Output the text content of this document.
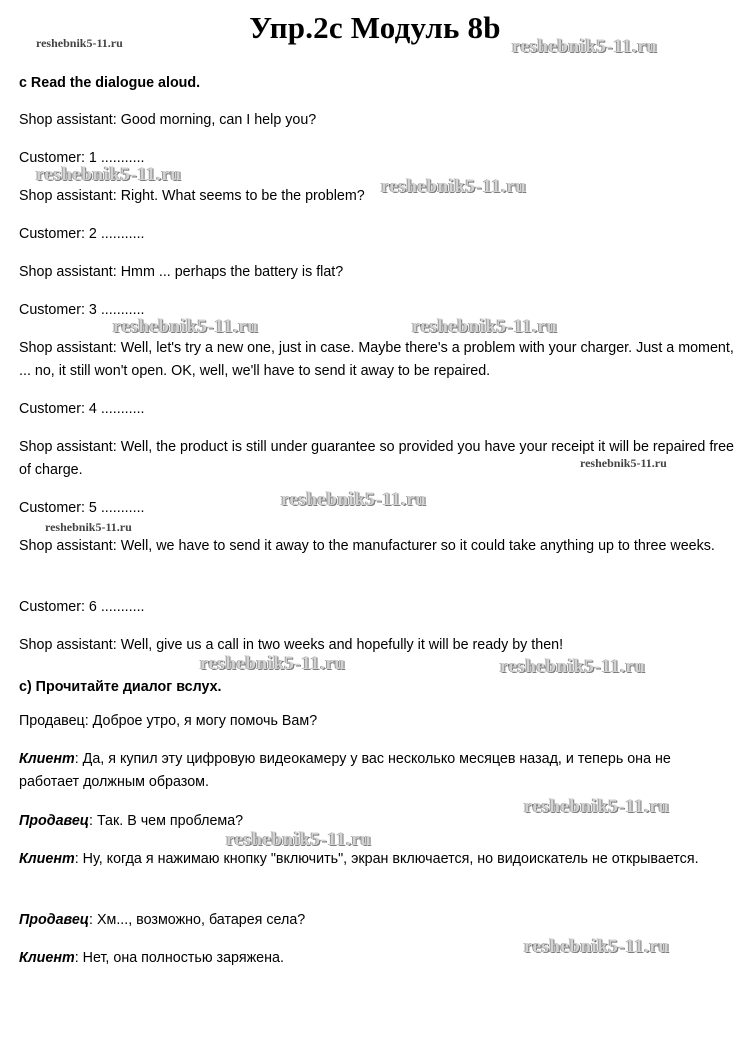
Упр.2с Модуль 8b
c Read the dialogue aloud.
Shop assistant: Good morning, can I help you?
Customer: 1 ...........
Shop assistant: Right. What seems to be the problem?
Customer: 2 ...........
Shop assistant: Hmm ... perhaps the battery is flat?
Customer: 3 ...........
Shop assistant: Well, let's try a new one, just in case. Maybe there's a problem with your charger. Just a moment, ... no, it still won't open. OK, well, we'll have to send it away to be repaired.
Customer: 4 ...........
Shop assistant: Well, the product is still under guarantee so provided you have your receipt it will be repaired free of charge.
Customer: 5 ...........
Shop assistant: Well, we have to send it away to the manufacturer so it could take anything up to three weeks.
Customer: 6 ...........
Shop assistant: Well, give us a call in two weeks and hopefully it will be ready by then!
с) Прочитайте диалог вслух.
Продавец: Доброе утро, я могу помочь Вам?
Клиент: Да, я купил эту цифровую видеокамеру у вас несколько месяцев назад, и теперь она не работает должным образом.
Продавец: Так. В чем проблема?
Клиент: Ну, когда я нажимаю кнопку "включить", экран включается, но видоискатель не открывается.
Продавец: Хм..., возможно, батарея села?
Клиент: Нет, она полностью заряжена.
reshebnik5-11.ru	reshebnik5-11.ru
reshebnik5-11.ru
reshebnik5-11.ru
reshebnik5-11.ru	reshebnik5-11.ru
reshebnik5-11.ru
reshebnik5-11.ru
reshebnik5-11.ru
reshebnik5-11.ru	reshebnik5-11.ru
reshebnik5-11.ru
reshebnik5-11.ru
reshebnik5-11.ru
